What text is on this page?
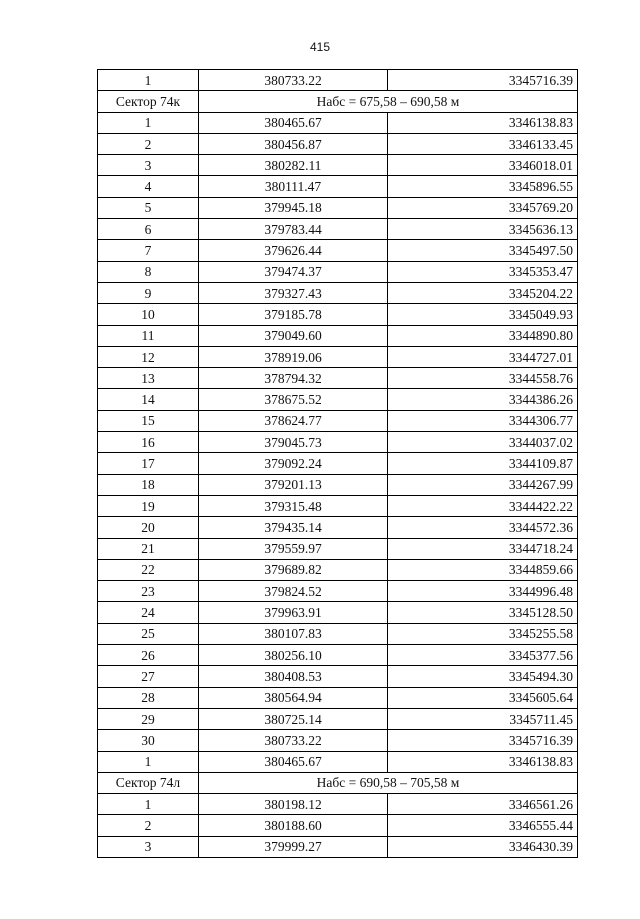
415
1	380733.22	3345716.39
Сектор 74к	Набс = 675,58 – 690,58 м	
1	380465.67	3346138.83
2	380456.87	3346133.45
3	380282.11	3346018.01
4	380111.47	3345896.55
5	379945.18	3345769.20
6	379783.44	3345636.13
7	379626.44	3345497.50
8	379474.37	3345353.47
9	379327.43	3345204.22
10	379185.78	3345049.93
11	379049.60	3344890.80
12	378919.06	3344727.01
13	378794.32	3344558.76
14	378675.52	3344386.26
15	378624.77	3344306.77
16	379045.73	3344037.02
17	379092.24	3344109.87
18	379201.13	3344267.99
19	379315.48	3344422.22
20	379435.14	3344572.36
21	379559.97	3344718.24
22	379689.82	3344859.66
23	379824.52	3344996.48
24	379963.91	3345128.50
25	380107.83	3345255.58
26	380256.10	3345377.56
27	380408.53	3345494.30
28	380564.94	3345605.64
29	380725.14	3345711.45
30	380733.22	3345716.39
1	380465.67	3346138.83
Сектор 74л	Набс = 690,58 – 705,58 м	
1	380198.12	3346561.26
2	380188.60	3346555.44
3	379999.27	3346430.39
